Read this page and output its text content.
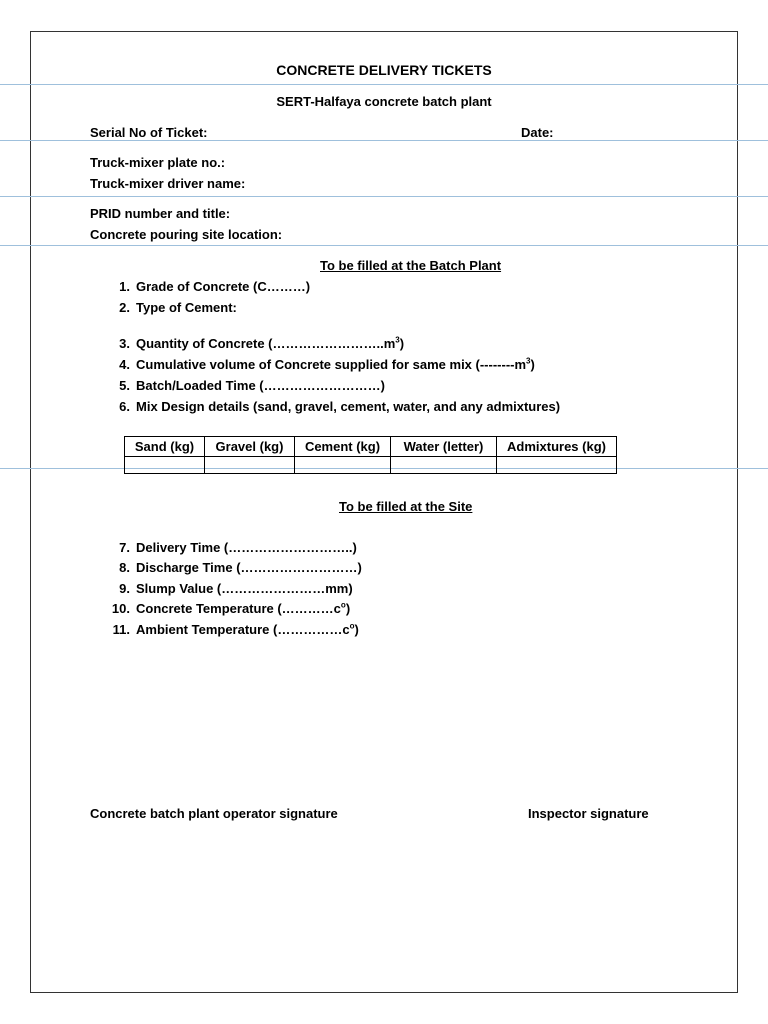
CONCRETE DELIVERY TICKETS
SERT-Halfaya concrete batch plant
Serial No of Ticket:	Date:
Truck-mixer plate no.:
Truck-mixer driver name:
PRID number and title:
Concrete pouring site location:
To be filled at the Batch Plant
1. Grade of Concrete (C………)
2. Type of Cement:
3. Quantity of Concrete $(\dots\dots\dots\dots\dots\dots\dots\dots..m^3)$
4. Cumulative volume of Concrete supplied for same mix $(--------m^3)$
5. Batch/Loaded Time (………………………)
6. Mix Design details (sand, gravel, cement, water, and any admixtures)
Sand (kg)	Gravel (kg)	Cement (kg)	Water (letter)	Admixtures (kg)

To be filled at the Site
7. Delivery Time (………………………..)
8. Discharge Time (………………………)
9. Slump Value (……………………mm)
10. Concrete Temperature $(\dots\dots\dots\dots c^o)$
11. Ambient Temperature $(\dots\dots\dots\dots\dots c^o)$
Concrete batch plant operator signature	Inspector signature
